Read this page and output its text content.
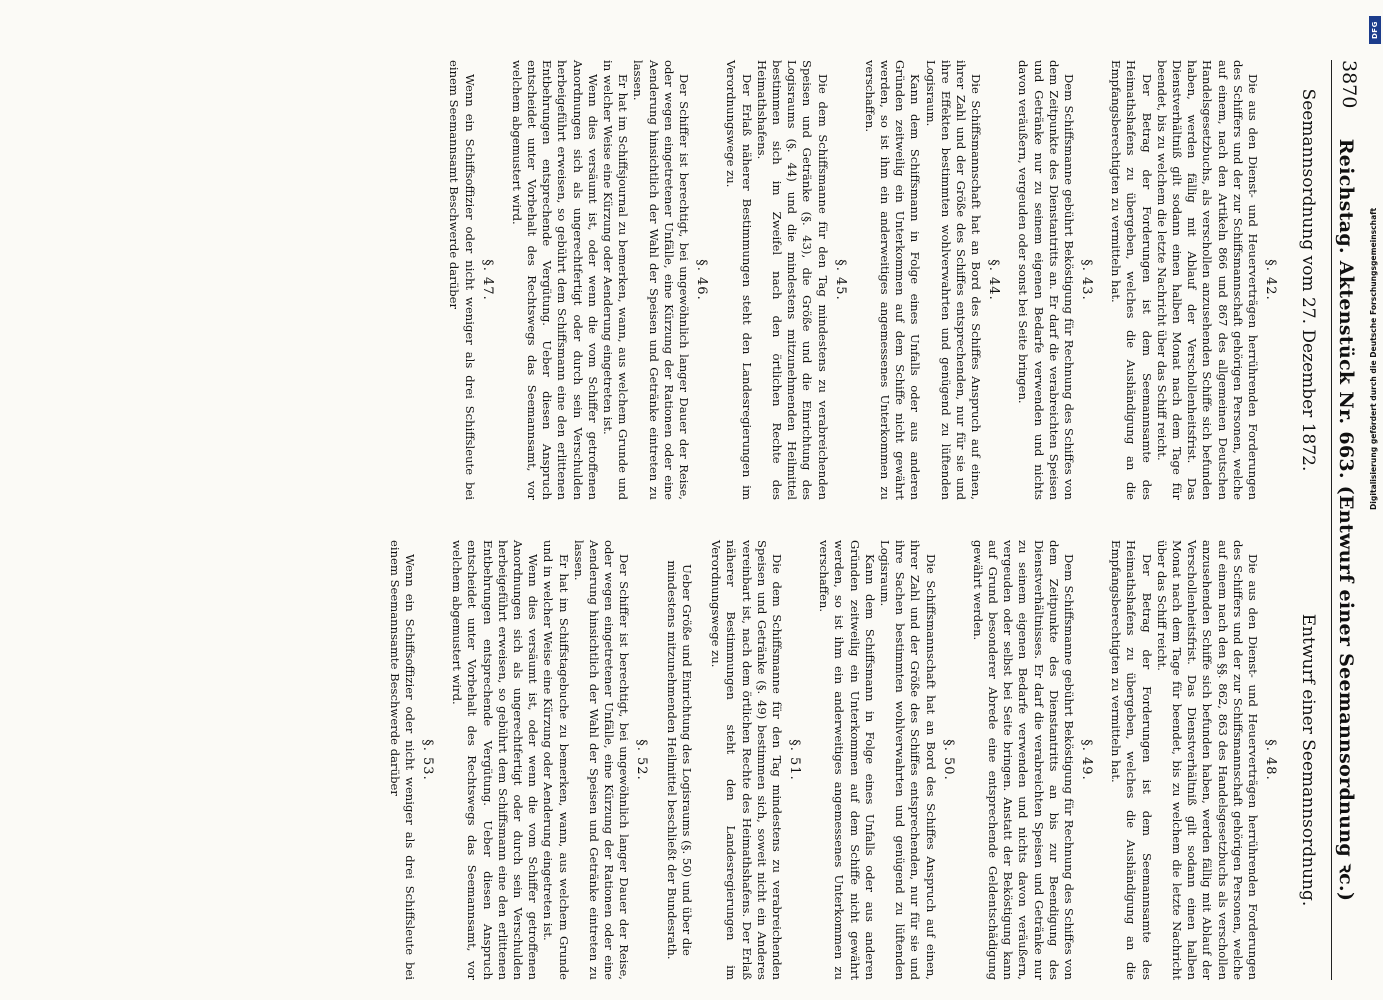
3870
Reichstag. Aktenstück Nr. 663. (Entwurf einer Seemannsordnung ꝛc.)
Seemannsordnung vom 27. Dezember 1872.
§. 42.

Die aus den Dienst- und Heuerverträgen herrührenden Forderungen des Schiffers und der zur Schiffsmannschaft gehörigen Personen, welche auf einem, nach den Artikeln 866 und 867 des allgemeinen Deutschen Handelsgesetzbuchs, als verschollen anzusehenden Schiffe sich befunden haben, werden fällig mit Ablauf der Verschollenheitsfrist. Das Dienstverhältniß gilt sodann einen halben Monat nach dem Tage für beendet, bis zu welchem die letzte Nachricht über das Schiff reicht.

Der Betrag der Forderungen ist dem Seemannsamte des Heimathshafens zu übergeben, welches die Aushändigung an die Empfangsberechtigten zu vermitteln hat.

§. 43.

Dem Schiffsmanne gebührt Beköstigung für Rechnung des Schiffes von dem Zeitpunkte des Dienstantritts an. Er darf die verabreichten Speisen und Getränke nur zu seinem eigenen Bedarfe verwenden und nichts davon veräußern, vergeuden oder sonst bei Seite bringen.

§. 44.

Die Schiffsmannschaft hat an Bord des Schiffes Anspruch auf einen, ihrer Zahl und der Größe des Schiffes entsprechenden, nur für sie und ihre Effekten bestimmten wohlverwahrten und genügend zu lüftenden Logisraum.

Kann dem Schiffsmann in Folge eines Unfalls oder aus anderen Gründen zeitweilig ein Unterkommen auf dem Schiffe nicht gewährt werden, so ist ihm ein anderweitiges angemessenes Unterkommen zu verschaffen.

§. 45.

Die dem Schiffsmanne für den Tag mindestens zu verabreichenden Speisen und Getränke (§. 43), die Größe und die Einrichtung des Logisraums (§. 44) und die mindestens mitzunehmenden Heilmittel bestimmen sich im Zweifel nach den örtlichen Rechte des Heimathshafens.

Der Erlaß näherer Bestimmungen steht den Landesregierungen im Verordnungswege zu.

§. 46.

Der Schiffer ist berechtigt, bei ungewöhnlich langer Dauer der Reise, oder wegen eingetretener Unfälle, eine Kürzung der Rationen oder eine Aenderung hinsichtlich der Wahl der Speisen und Getränke eintreten zu lassen.

Er hat im Schiffsjournal zu bemerken, wann, aus welchem Grunde und in welcher Weise eine Kürzung oder Aenderung eingetreten ist.

Wenn dies versäumt ist, oder wenn die vom Schiffer getroffenen Anordnungen sich als ungerechtfertigt oder durch sein Verschulden herbeigeführt erweisen, so gebührt dem Schiffsmann eine den erlittenen Entbehrungen entsprechende Vergütung. Ueber diesen Anspruch entscheidet unter Vorbehalt des Rechtswegs das Seemannsamt, vor welchem abgemustert wird.

§. 47.

Wenn ein Schiffsoffizier oder nicht weniger als drei Schiffsleute bei einem Seemannsamt Beschwerde darüber

Entwurf einer Seemannsordnung.
§. 48.

Die aus den Dienst- und Heuerverträgen herrührenden Forderungen des Schiffers und der zur Schiffsmannschaft gehörigen Personen, welche auf einem nach den §§. 862, 863 des Handelsgesetzbuchs als verschollen anzusehenden Schiffe sich befunden haben, werden fällig mit Ablauf der Verschollenheitsfrist. Das Dienstverhältniß gilt sodann einen halben Monat nach dem Tage für beendet, bis zu welchem die letzte Nachricht über das Schiff reicht.

Der Betrag der Forderungen ist dem Seemannsamte des Heimathshafens zu übergeben, welches die Aushändigung an die Empfangsberechtigten zu vermitteln hat.

§. 49.

Dem Schiffsmanne gebührt Beköstigung für Rechnung des Schiffes von dem Zeitpunkte des Dienstantritts an bis zur Beendigung des Dienstverhältnisses. Er darf die verabreichten Speisen und Getränke nur zu seinem eigenen Bedarfe verwenden und nichts davon veräußern, vergeuden oder selbst bei Seite bringen. Anstatt der Beköstigung kann auf Grund besonderer Abrede eine entsprechende Geldentschädigung gewährt werden.

§. 50.

Die Schiffsmannschaft hat an Bord des Schiffes Anspruch auf einen, ihrer Zahl und der Größe des Schiffes entsprechenden, nur für sie und ihre Sachen bestimmten wohlverwahrten und genügend zu lüftenden Logisraum.

Kann dem Schiffsmann in Folge eines Unfalls oder aus anderen Gründen zeitweilig ein Unterkommen auf dem Schiffe nicht gewährt werden, so ist ihm ein anderweitiges angemessenes Unterkommen zu verschaffen.

§. 51.

Die dem Schiffsmanne für den Tag mindestens zu verabreichenden Speisen und Getränke (§. 49) bestimmen sich, soweit nicht ein Anderes vereinbart ist, nach dem örtlichen Rechte des Heimathshafens. Der Erlaß näherer Bestimmungen steht den Landesregierungen im Verordnungswege zu.

Ueber Größe und Einrichtung des Logisraums (§. 50) und über die mindestens mitzunehmenden Heilmittel beschließt der Bundesrath.
§. 52.

Der Schiffer ist berechtigt, bei ungewöhnlich langer Dauer der Reise, oder wegen eingetretener Unfälle, eine Kürzung der Rationen oder eine Aenderung hinsichtlich der Wahl der Speisen und Getränke eintreten zu lassen.

Er hat im Schiffstagebuche zu bemerken, wann, aus welchem Grunde und in welcher Weise eine Kürzung oder Aenderung eingetreten ist.

Wenn dies versäumt ist, oder wenn die vom Schiffer getroffenen Anordnungen sich als ungerechtfertigt oder durch sein Verschulden herbeigeführt erweisen, so gebührt dem Schiffsmann eine den erlittenen Entbehrungen entsprechende Vergütung. Ueber diesen Anspruch entscheidet unter Vorbehalt des Rechtswegs das Seemannsamt, vor welchem abgemustert wird.

§. 53.

Wenn ein Schiffsoffizier oder nicht weniger als drei Schiffsleute bei einem Seemannsamte Beschwerde darüber

DFG
Digitalisierung gefördert durch die Deutsche Forschungsgemeinschaft
